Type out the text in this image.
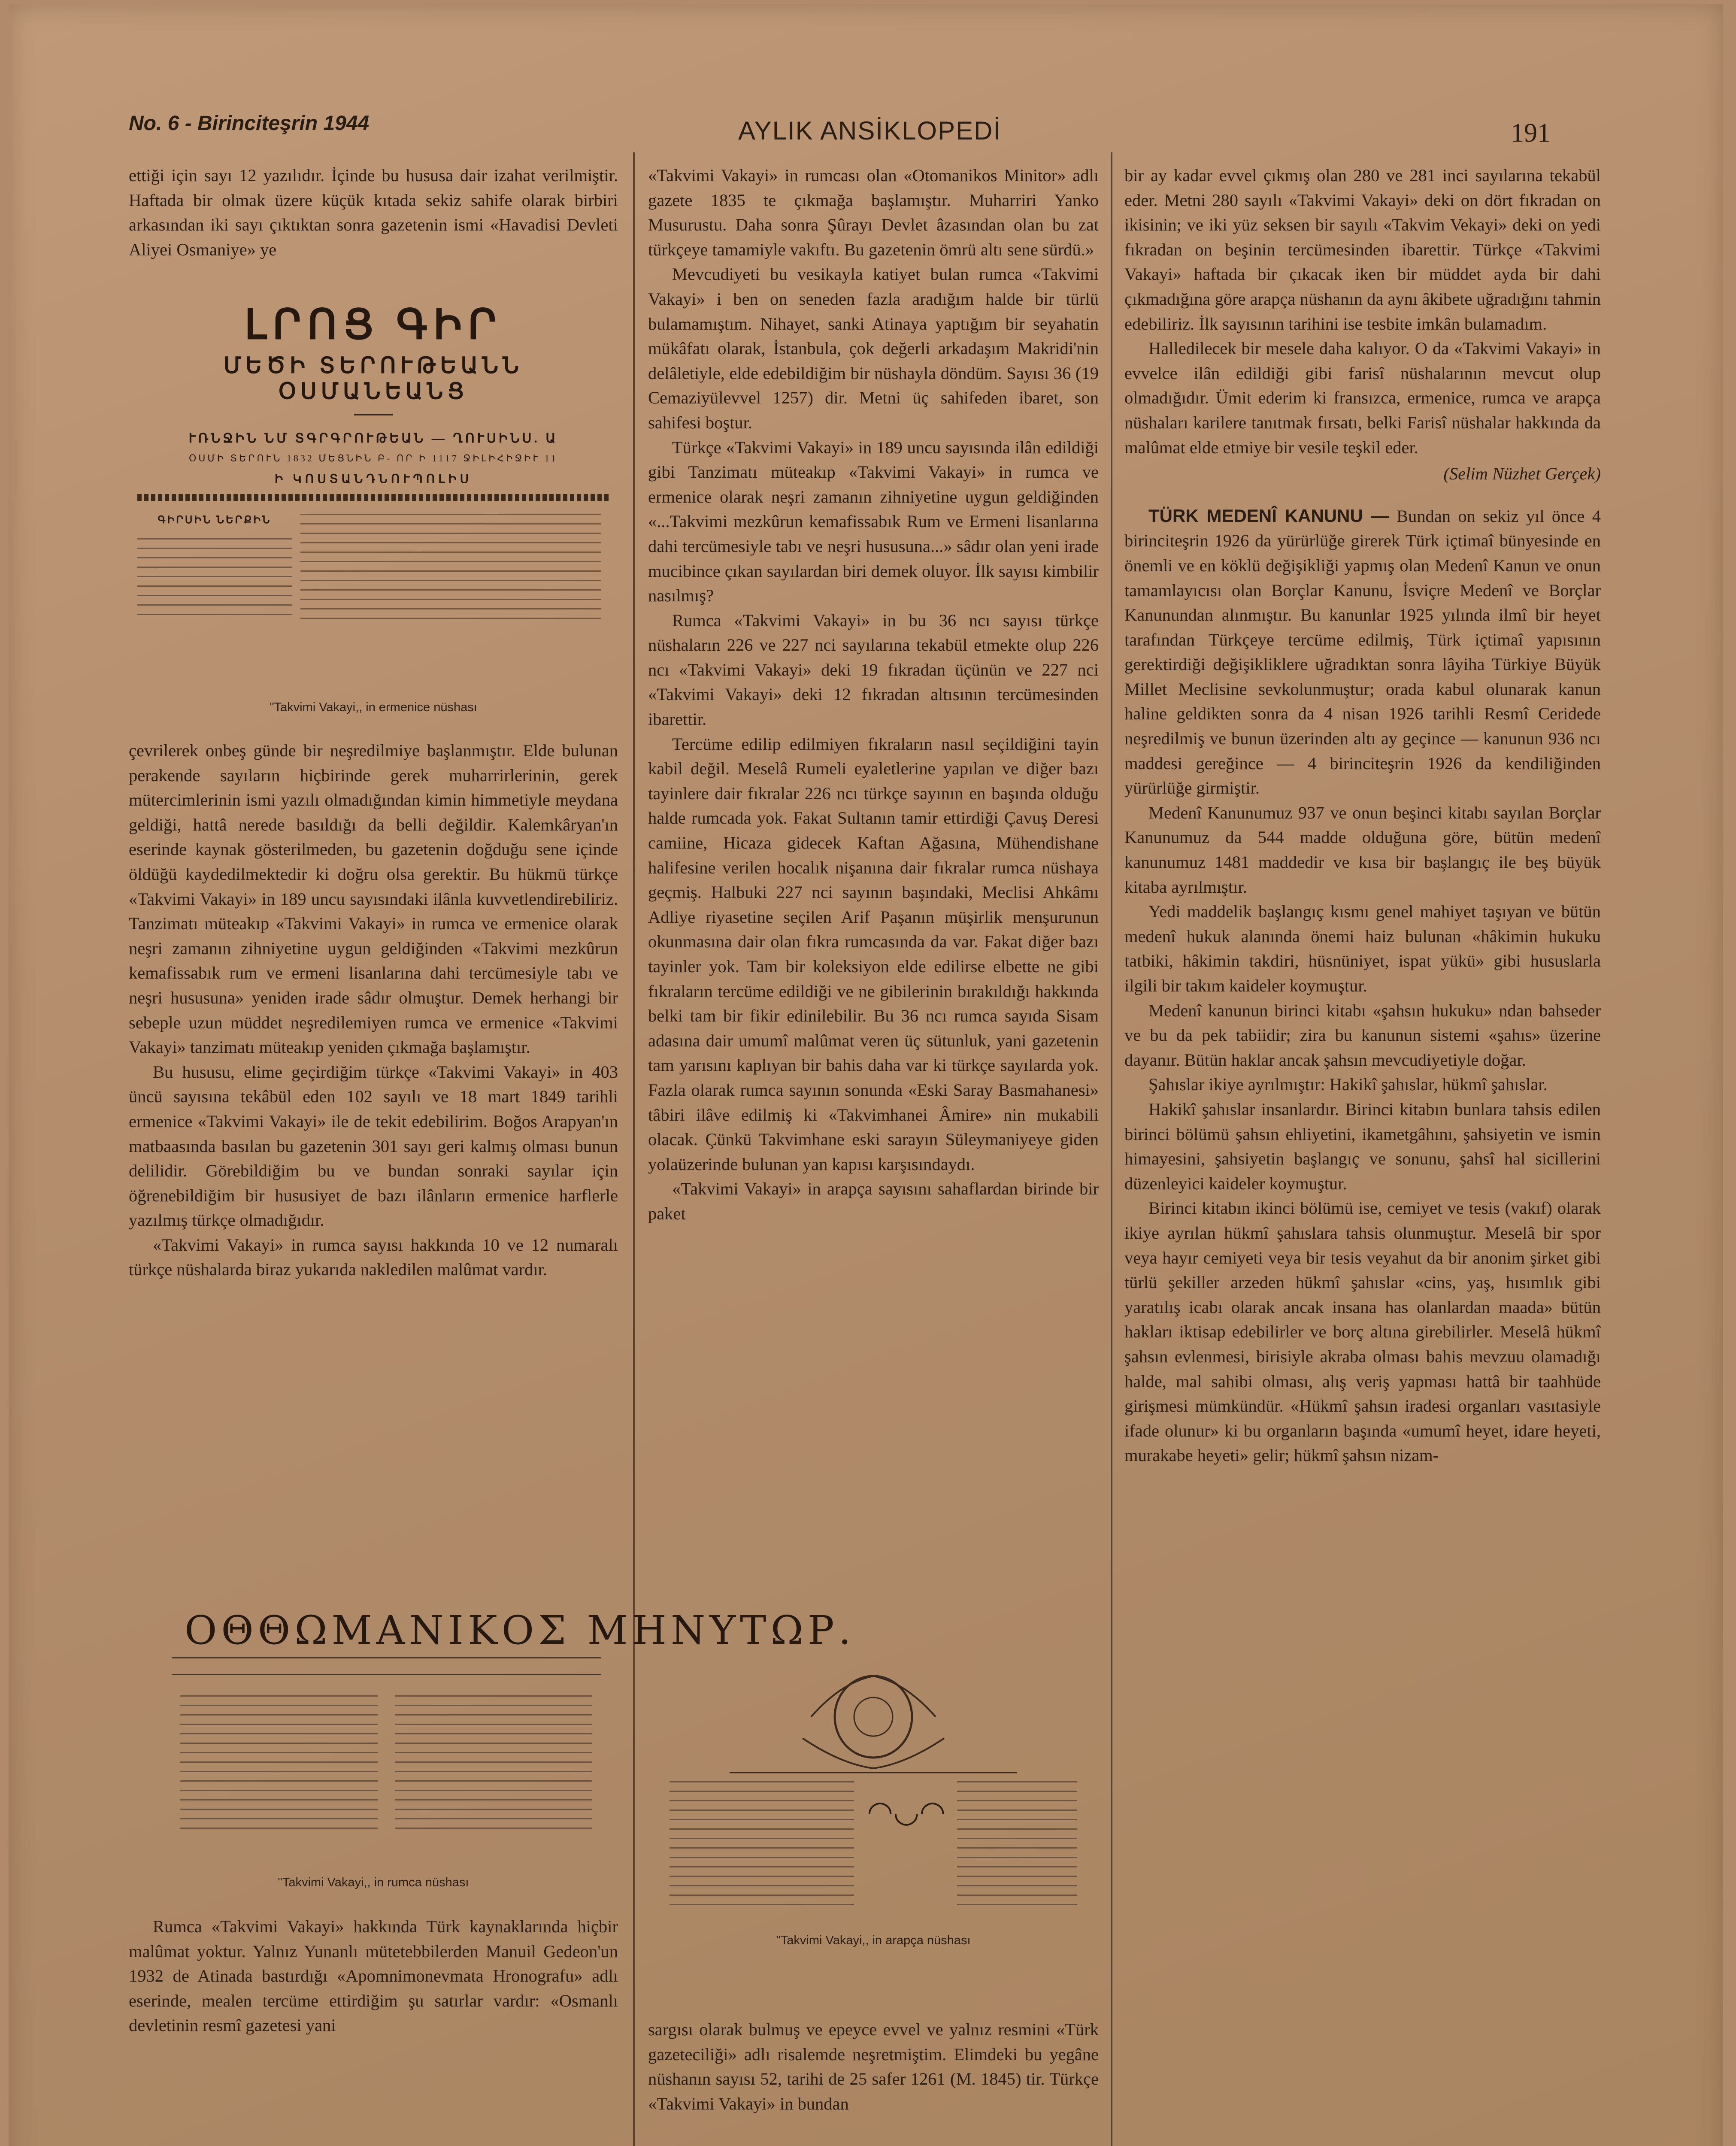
No. 6 - Birinciteşrin 1944	AYLIK ANSİKLOPEDİ	191

ettiği için sayı 12 yazılıdır. İçinde bu hususa dair izahat verilmiştir. Haftada bir olmak üzere küçük kıtada sekiz sahife olarak birbiri arkasından iki sayı çıktıktan sonra gazetenin ismi «Havadisi Devleti Aliyei Osmaniye» ye

ԼՐՈՑ ԳԻՐ
ՄԵԾԻ ՏԵՐՈՒԹԵԱՆՆ ՕՍՄԱՆԵԱՆՑ
ՒՌՆՋԻՆ ՆՄ ՏԳՐԳՐՈՒԹԵԱՆ — ՂՈՒՍԻՆՍ. Ա
ՕՍՄԻ ՏԵՐՈՒՆ 1832 ՄԵՑՆԻՆ Բ- ՈՐ Ի 1117 ՋԻԼԻՀԻՋԻՒ 11
Ի ԿՈՍՏԱՆԴՆՈՒՊՈԼԻՍ
ԳԻՐՍԻՆ ՆԵՐՔԻՆ
"Takvimi Vakayi,, in ermenice nüshası

çevrilerek onbeş günde bir neşredilmiye başlanmıştır. Elde bulunan perakende sayıların hiçbirinde gerek muharrirlerinin, gerek mütercimlerinin ismi yazılı olmadığından kimin himmetiyle meydana geldiği, hattâ nerede basıldığı da belli değildir. Kalemkâryan'ın eserinde kaynak gösterilmeden, bu gazetenin doğduğu sene içinde öldüğü kaydedilmektedir ki doğru olsa gerektir. Bu hükmü türkçe «Takvimi Vakayi» in 189 uncu sayısındaki ilânla kuvvetlendirebiliriz. Tanzimatı müteakıp «Takvimi Vakayi» in rumca ve ermenice olarak neşri zamanın zihniyetine uygun geldiğinden «Takvimi mezkûrun kemafissabık rum ve ermeni lisanlarına dahi tercümesiyle tabı ve neşri hususuna» yeniden irade sâdır olmuştur. Demek herhangi bir sebeple uzun müddet neşredilemiyen rumca ve ermenice «Takvimi Vakayi» tanzimatı müteakıp yeniden çıkmağa başlamıştır.

Bu hususu, elime geçirdiğim türkçe «Takvimi Vakayi» in 403 üncü sayısına tekâbül eden 102 sayılı ve 18 mart 1849 tarihli ermenice «Takvimi Vakayi» ile de tekit edebilirim. Boğos Arapyan'ın matbaasında basılan bu gazetenin 301 sayı geri kalmış olması bunun delilidir. Görebildiğim bu ve bundan sonraki sayılar için öğrenebildiğim bir hususiyet de bazı ilânların ermenice harflerle yazılmış türkçe olmadığıdır.

«Takvimi Vakayi» in rumca sayısı hakkında 10 ve 12 numaralı türkçe nüshalarda biraz yukarıda nakledilen malûmat vardır.

ΟΘΘΩΜΑΝΙΚΟΣ ΜΗΝΥΤΩΡ.
"Takvimi Vakayi,, in rumca nüshası

Rumca «Takvimi Vakayi» hakkında Türk kaynaklarında hiçbir malûmat yoktur. Yalnız Yunanlı mütetebbilerden Manuil Gedeon'un 1932 de Atinada bastırdığı «Apomnimonevmata Hronografu» adlı eserinde, mealen tercüme ettirdiğim şu satırlar vardır: «Osmanlı devletinin resmî gazetesi yani

«Takvimi Vakayi» in rumcası olan «Otomanikos Minitor» adlı gazete 1835 te çıkmağa başlamıştır. Muharriri Yanko Musurustu. Daha sonra Şûrayı Devlet âzasından olan bu zat türkçeye tamamiyle vakıftı. Bu gazetenin ömrü altı sene sürdü.»

Mevcudiyeti bu vesikayla katiyet bulan rumca «Takvimi Vakayi» i ben on seneden fazla aradığım halde bir türlü bulamamıştım. Nihayet, sanki Atinaya yaptığım bir seyahatin mükâfatı olarak, İstanbula, çok değerli arkadaşım Makridi'nin delâletiyle, elde edebildiğim bir nüshayla döndüm. Sayısı 36 (19 Cemaziyülevvel 1257) dir. Metni üç sahifeden ibaret, son sahifesi boştur.

Türkçe «Takvimi Vakayi» in 189 uncu sayısında ilân edildiği gibi Tanzimatı müteakıp «Takvimi Vakayi» in rumca ve ermenice olarak neşri zamanın zihniyetine uygun geldiğinden «...Takvimi mezkûrun kemafissabık Rum ve Ermeni lisanlarına dahi tercümesiyle tabı ve neşri hususuna...» sâdır olan yeni irade mucibince çıkan sayılardan biri demek oluyor. İlk sayısı kimbilir nasılmış?

Rumca «Takvimi Vakayi» in bu 36 ncı sayısı türkçe nüshaların 226 ve 227 nci sayılarına tekabül etmekte olup 226 ncı «Takvimi Vakayi» deki 19 fıkradan üçünün ve 227 nci «Takvimi Vakayi» deki 12 fıkradan altısının tercümesinden ibarettir.

Tercüme edilip edilmiyen fıkraların nasıl seçildiğini tayin kabil değil. Meselâ Rumeli eyaletlerine yapılan ve diğer bazı tayinlere dair fıkralar 226 ncı türkçe sayının en başında olduğu halde rumcada yok. Fakat Sultanın tamir ettirdiği Çavuş Deresi camiine, Hicaza gidecek Kaftan Ağasına, Mühendishane halifesine verilen hocalık nişanına dair fıkralar rumca nüshaya geçmiş. Halbuki 227 nci sayının başındaki, Meclisi Ahkâmı Adliye riyasetine seçilen Arif Paşanın müşirlik menşurunun okunmasına dair olan fıkra rumcasında da var. Fakat diğer bazı tayinler yok. Tam bir koleksiyon elde edilirse elbette ne gibi fıkraların tercüme edildiği ve ne gibilerinin bırakıldığı hakkında belki tam bir fikir edinilebilir. Bu 36 ncı rumca sayıda Sisam adasına dair umumî malûmat veren üç sütunluk, yani gazetenin tam yarısını kaplıyan bir bahis daha var ki türkçe sayılarda yok. Fazla olarak rumca sayının sonunda «Eski Saray Basmahanesi» tâbiri ilâve edilmiş ki «Takvimhanei Âmire» nin mukabili olacak. Çünkü Takvimhane eski sarayın Süleymaniyeye giden yolaüzerinde bulunan yan kapısı karşısındaydı.

«Takvimi Vakayi» in arapça sayısını sahaflardan birinde bir paket

◠◡◠
"Takvimi Vakayi,, in arapça nüshası

sargısı olarak bulmuş ve epeyce evvel ve yalnız resmini «Türk gazeteciliği» adlı risalemde neşretmiştim. Elimdeki bu yegâne nüshanın sayısı 52, tarihi de 25 safer 1261 (M. 1845) tir. Türkçe «Takvimi Vakayi» in bundan

bir ay kadar evvel çıkmış olan 280 ve 281 inci sayılarına tekabül eder. Metni 280 sayılı «Takvimi Vakayi» deki on dört fıkradan on ikisinin; ve iki yüz seksen bir sayılı «Takvim Vekayi» deki on yedi fıkradan on beşinin tercümesinden ibarettir. Türkçe «Takvimi Vakayi» haftada bir çıkacak iken bir müddet ayda bir dahi çıkmadığına göre arapça nüshanın da aynı âkibete uğradığını tahmin edebiliriz. İlk sayısının tarihini ise tesbite imkân bulamadım.

Halledilecek bir mesele daha kalıyor. O da «Takvimi Vakayi» in evvelce ilân edildiği gibi farisî nüshalarının mevcut olup olmadığıdır. Ümit ederim ki fransızca, ermenice, rumca ve arapça nüshaları karilere tanıtmak fırsatı, belki Farisî nüshalar hakkında da malûmat elde etmiye bir vesile teşkil eder.

(Selim Nüzhet Gerçek)

TÜRK MEDENÎ KANUNU — Bundan on sekiz yıl önce 4 birinciteşrin 1926 da yürürlüğe girerek Türk içtimaî bünyesinde en önemli ve en köklü değişikliği yapmış olan Medenî Kanun ve onun tamamlayıcısı olan Borçlar Kanunu, İsviçre Medenî ve Borçlar Kanunundan alınmıştır. Bu kanunlar 1925 yılında ilmî bir heyet tarafından Türkçeye tercüme edilmiş, Türk içtimaî yapısının gerektirdiği değişikliklere uğradıktan sonra lâyiha Türkiye Büyük Millet Meclisine sevkolunmuştur; orada kabul olunarak kanun haline geldikten sonra da 4 nisan 1926 tarihli Resmî Ceridede neşredilmiş ve bunun üzerinden altı ay geçince — kanunun 936 ncı maddesi gereğince — 4 birinciteşrin 1926 da kendiliğinden yürürlüğe girmiştir.

Medenî Kanunumuz 937 ve onun beşinci kitabı sayılan Borçlar Kanunumuz da 544 madde olduğuna göre, bütün medenî kanunumuz 1481 maddedir ve kısa bir başlangıç ile beş büyük kitaba ayrılmıştır.

Yedi maddelik başlangıç kısmı genel mahiyet taşıyan ve bütün medenî hukuk alanında önemi haiz bulunan «hâkimin hukuku tatbiki, hâkimin takdiri, hüsnüniyet, ispat yükü» gibi hususlarla ilgili bir takım kaideler koymuştur.

Medenî kanunun birinci kitabı «şahsın hukuku» ndan bahseder ve bu da pek tabiidir; zira bu kanunun sistemi «şahıs» üzerine dayanır. Bütün haklar ancak şahsın mevcudiyetiyle doğar.

Şahıslar ikiye ayrılmıştır: Hakikî şahıslar, hükmî şahıslar.

Hakikî şahıslar insanlardır. Birinci kitabın bunlara tahsis edilen birinci bölümü şahsın ehliyetini, ikametgâhını, şahsiyetin ve ismin himayesini, şahsiyetin başlangıç ve sonunu, şahsî hal sicillerini düzenleyici kaideler koymuştur.

Birinci kitabın ikinci bölümü ise, cemiyet ve tesis (vakıf) olarak ikiye ayrılan hükmî şahıslara tahsis olunmuştur. Meselâ bir spor veya hayır cemiyeti veya bir tesis veyahut da bir anonim şirket gibi türlü şekiller arzeden hükmî şahıslar «cins, yaş, hısımlık gibi yaratılış icabı olarak ancak insana has olanlardan maada» bütün hakları iktisap edebilirler ve borç altına girebilirler. Meselâ hükmî şahsın evlenmesi, birisiyle akraba olması bahis mevzuu olamadığı halde, mal sahibi olması, alış veriş yapması hattâ bir taahhüde girişmesi mümkündür. «Hükmî şahsın iradesi organları vasıtasiyle ifade olunur» ki bu organların başında «umumî heyet, idare heyeti, murakabe heyeti» gelir; hükmî şahsın nizam-
